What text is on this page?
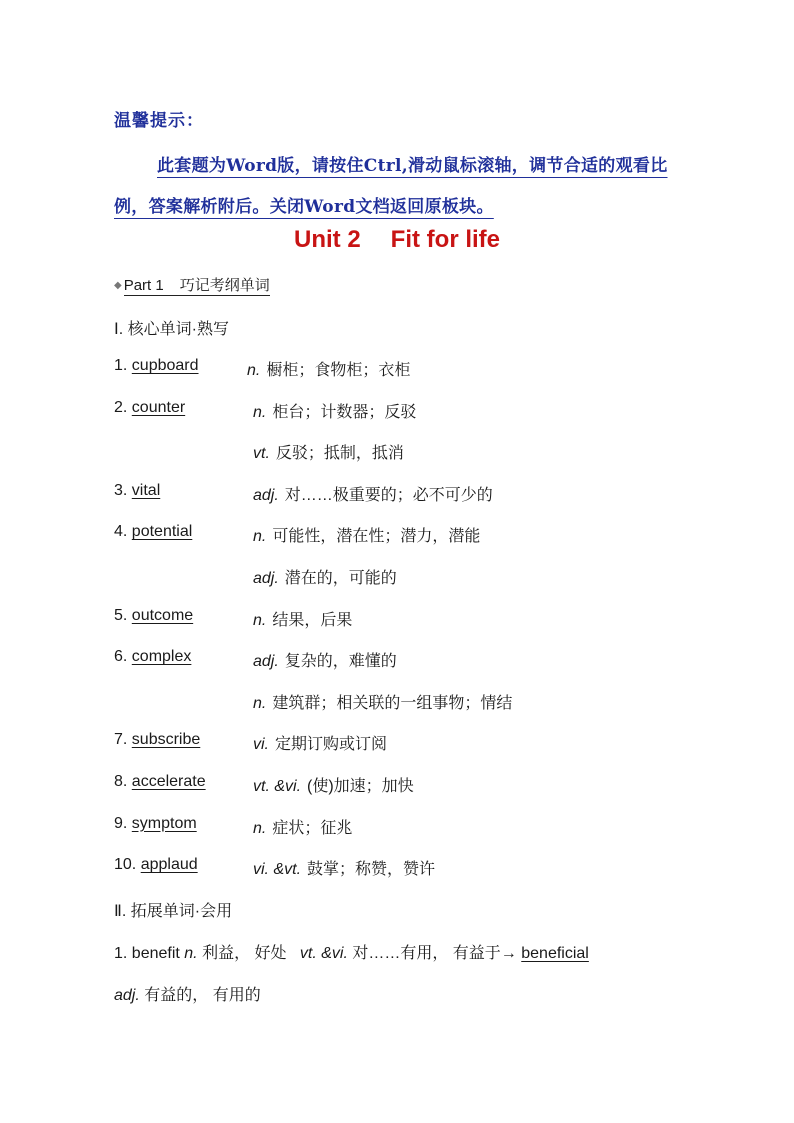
温馨提示：
此套题为Word版，请按住Ctrl,滑动鼠标滚轴，调节合适的观看比例，答案解析附后。关闭Word文档返回原板块。
Unit 2 Fit for life
◆ Part 1 巧记考纲单词
Ⅰ. 核心单词·熟写
1. cupboard	n. 橱柜；食物柜；衣柜
2. counter	n. 柜台；计数器；反驳
vt. 反驳；抵制，抵消
3. vital	adj. 对……极重要的；必不可少的
4. potential	n. 可能性，潜在性；潜力，潜能
adj. 潜在的，可能的
5. outcome	n. 结果，后果
6. complex	adj. 复杂的，难懂的
n. 建筑群；相关联的一组事物；情结
7. subscribe	vi. 定期订购或订阅
8. accelerate	vt. &vi. (使)加速；加快
9. symptom	n. 症状；征兆
10. applaud	vi. &vt. 鼓掌；称赞，赞许
Ⅱ. 拓展单词·会用
1. benefit n. 利益， 好处 vt. &vi. 对……有用， 有益于→ beneficial
adj. 有益的， 有用的
